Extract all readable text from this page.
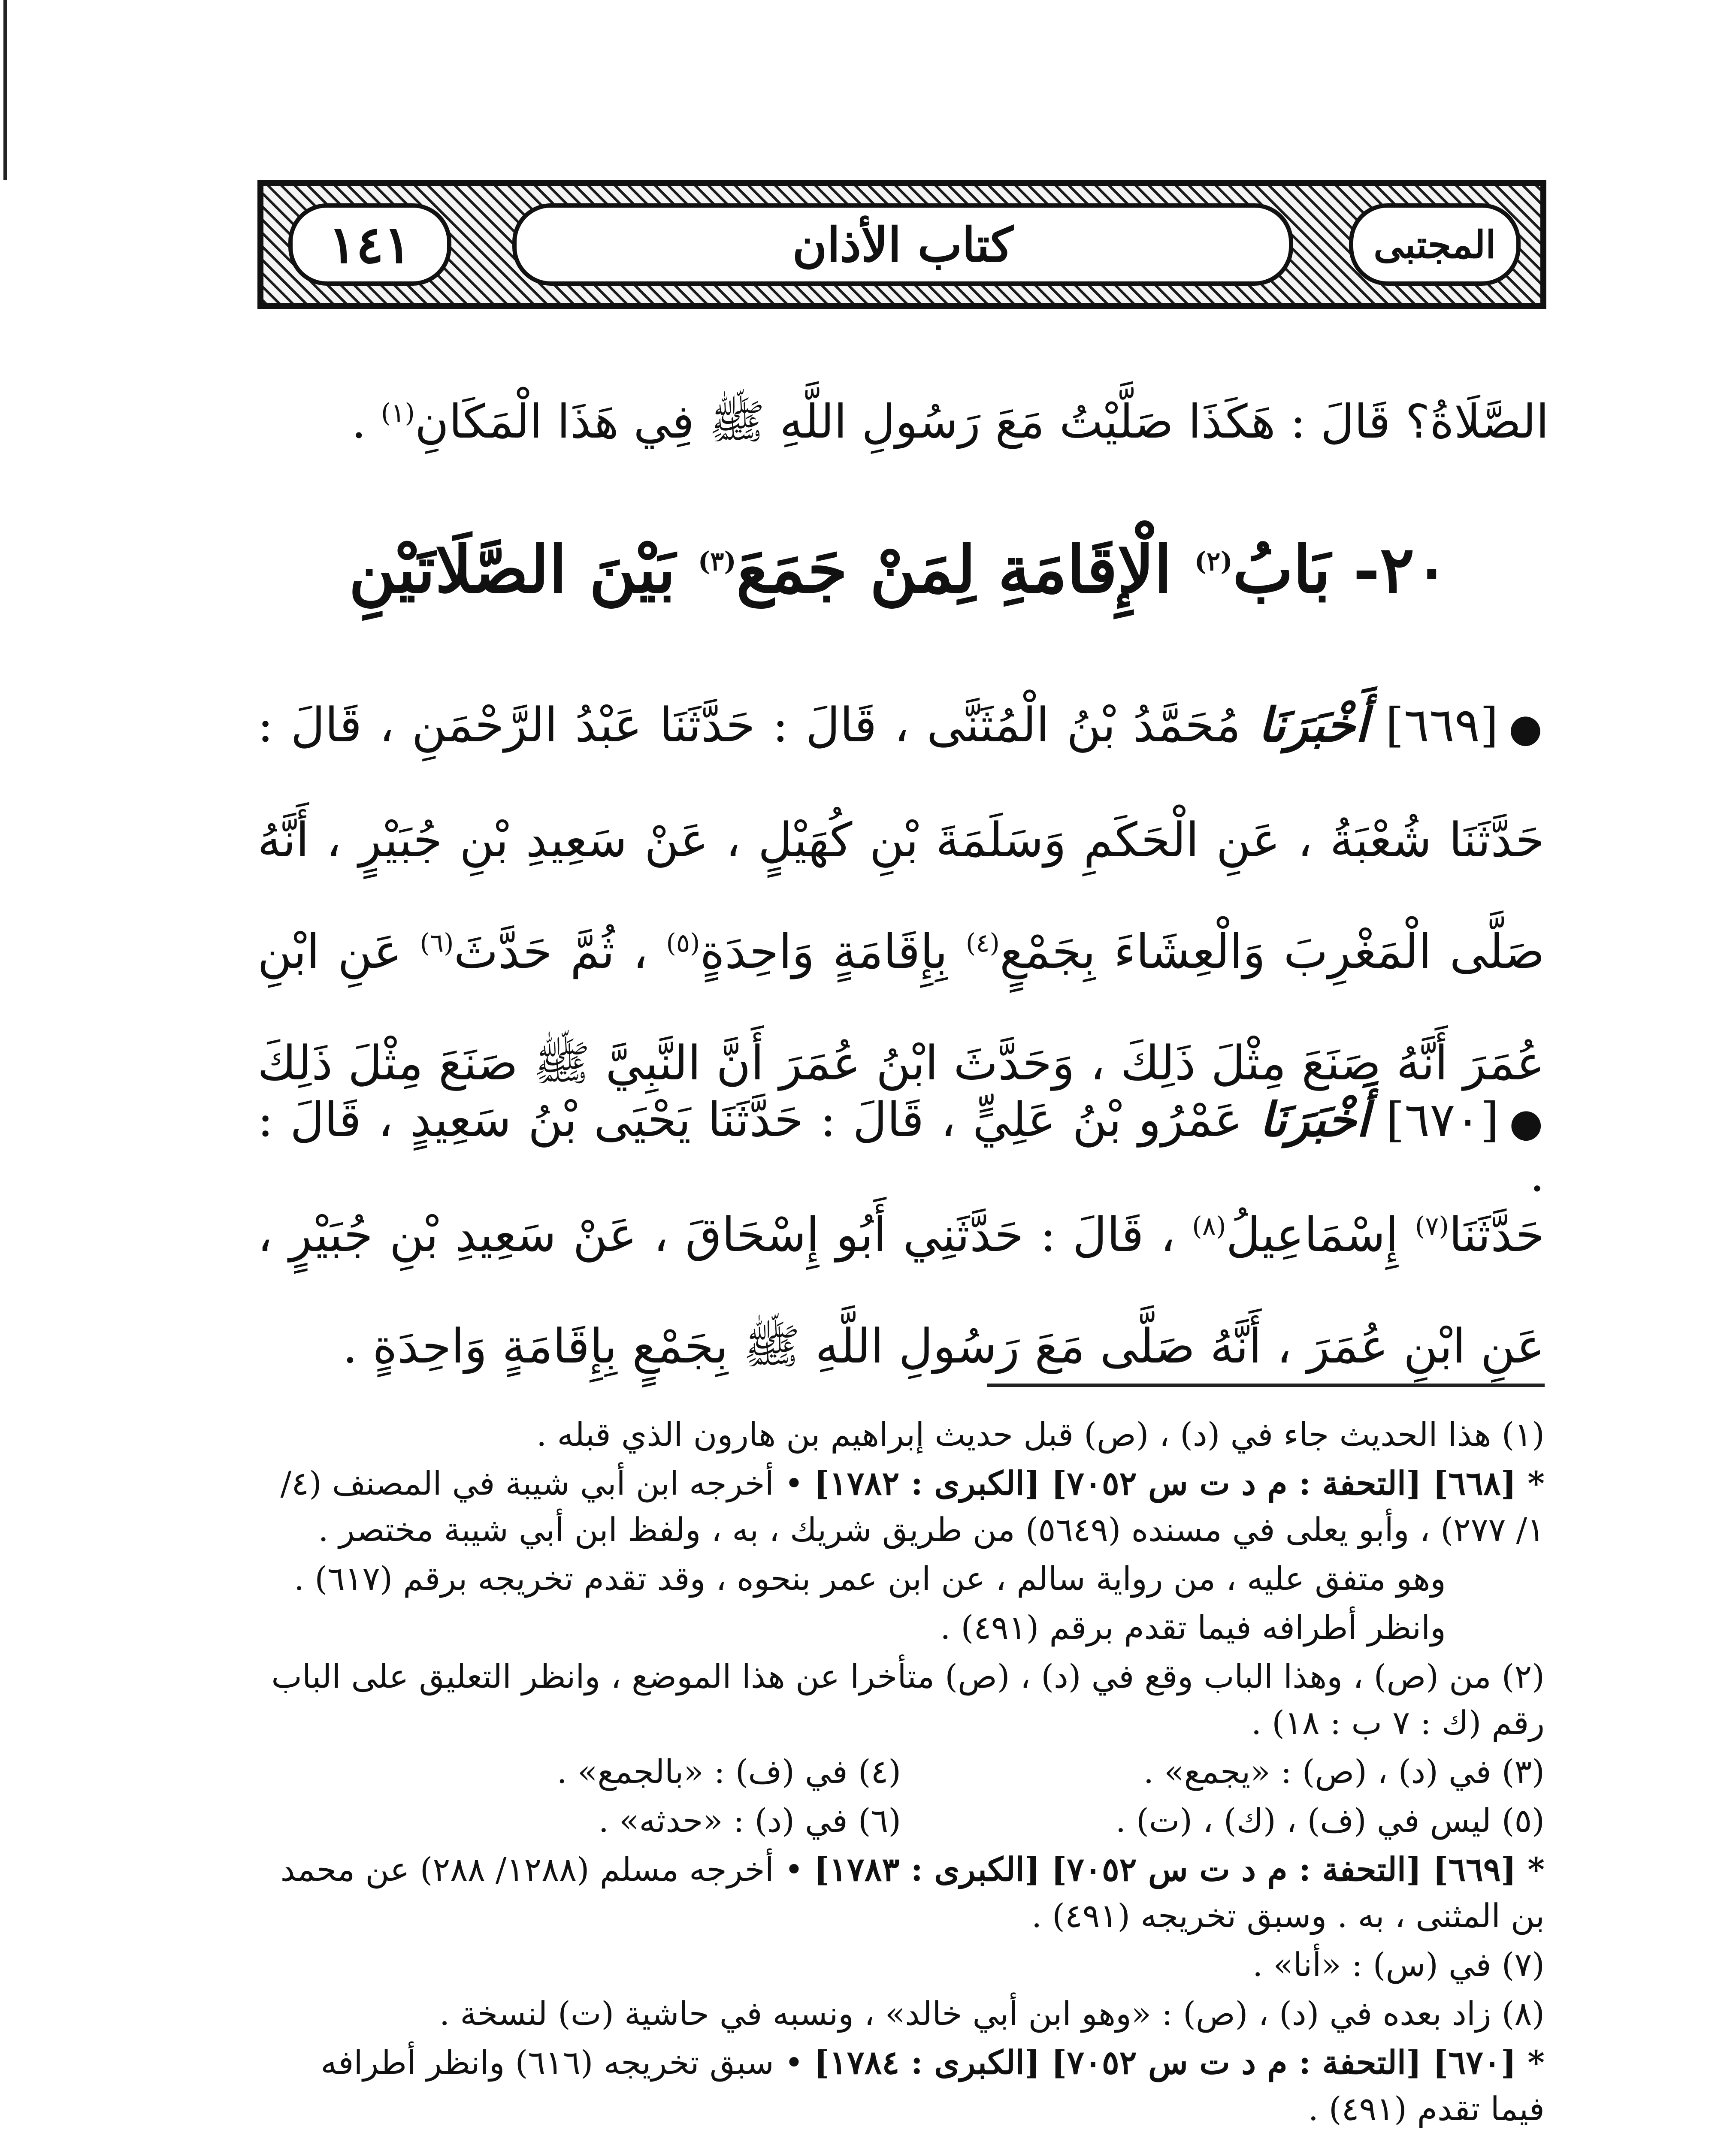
١٤١	كتاب الأذان	المجتبى
الصَّلَاةُ؟ قَالَ : هَكَذَا صَلَّيْتُ مَعَ رَسُولِ اللَّهِ ﷺ فِي هَذَا الْمَكَانِ$^{(١)}$ .
٢٠- بَابُ$^{(٢)}$ الْإِقَامَةِ لِمَنْ جَمَعَ$^{(٣)}$ بَيْنَ الصَّلَاتَيْنِ
●[٦٦٩] أَخْبَرَنَا مُحَمَّدُ بْنُ الْمُثَنَّى ، قَالَ : حَدَّثَنَا عَبْدُ الرَّحْمَنِ ، قَالَ : حَدَّثَنَا شُعْبَةُ ، عَنِ الْحَكَمِ وَسَلَمَةَ بْنِ كُهَيْلٍ ، عَنْ سَعِيدِ بْنِ جُبَيْرٍ ، أَنَّهُ صَلَّى الْمَغْرِبَ وَالْعِشَاءَ بِجَمْعٍ$^{(٤)}$ بِإِقَامَةٍ وَاحِدَةٍ$^{(٥)}$ ، ثُمَّ حَدَّثَ$^{(٦)}$ عَنِ ابْنِ عُمَرَ أَنَّهُ صَنَعَ مِثْلَ ذَلِكَ ، وَحَدَّثَ ابْنُ عُمَرَ أَنَّ النَّبِيَّ ﷺ صَنَعَ مِثْلَ ذَلِكَ .
●[٦٧٠] أَخْبَرَنَا عَمْرُو بْنُ عَلِيٍّ ، قَالَ : حَدَّثَنَا يَحْيَى بْنُ سَعِيدٍ ، قَالَ : حَدَّثَنَا$^{(٧)}$ إِسْمَاعِيلُ$^{(٨)}$ ، قَالَ : حَدَّثَنِي أَبُو إِسْحَاقَ ، عَنْ سَعِيدِ بْنِ جُبَيْرٍ ، عَنِ ابْنِ عُمَرَ ، أَنَّهُ صَلَّى مَعَ رَسُولِ اللَّهِ ﷺ بِجَمْعٍ بِإِقَامَةٍ وَاحِدَةٍ .
(١) هذا الحديث جاء في (د) ، (ص) قبل حديث إبراهيم بن هارون الذي قبله .
* [٦٦٨] [التحفة : م د ت س ٧٠٥٢] [الكبرى : ١٧٨٢] • أخرجه ابن أبي شيبة في المصنف (٤/ ١/ ٢٧٧) ، وأبو يعلى في مسنده (٥٦٤٩) من طريق شريك ، به ، ولفظ ابن أبي شيبة مختصر .
وهو متفق عليه ، من رواية سالم ، عن ابن عمر بنحوه ، وقد تقدم تخريجه برقم (٦١٧) .
وانظر أطرافه فيما تقدم برقم (٤٩١) .
(٢) من (ص) ، وهذا الباب وقع في (د) ، (ص) متأخرا عن هذا الموضع ، وانظر التعليق على الباب رقم (ك : ٧ ب : ١٨) .
(٣) في (د) ، (ص) : «يجمع» .
(٤) في (ف) : «بالجمع» .
(٥) ليس في (ف) ، (ك) ، (ت) .
(٦) في (د) : «حدثه» .
* [٦٦٩] [التحفة : م د ت س ٧٠٥٢] [الكبرى : ١٧٨٣] • أخرجه مسلم (١٢٨٨/ ٢٨٨) عن محمد بن المثنى ، به . وسبق تخريجه (٤٩١) .
(٧) في (س) : «أنا» .
(٨) زاد بعده في (د) ، (ص) : «وهو ابن أبي خالد» ، ونسبه في حاشية (ت) لنسخة .
* [٦٧٠] [التحفة : م د ت س ٧٠٥٢] [الكبرى : ١٧٨٤] • سبق تخريجه (٦١٦) وانظر أطرافه فيما تقدم (٤٩١) .
